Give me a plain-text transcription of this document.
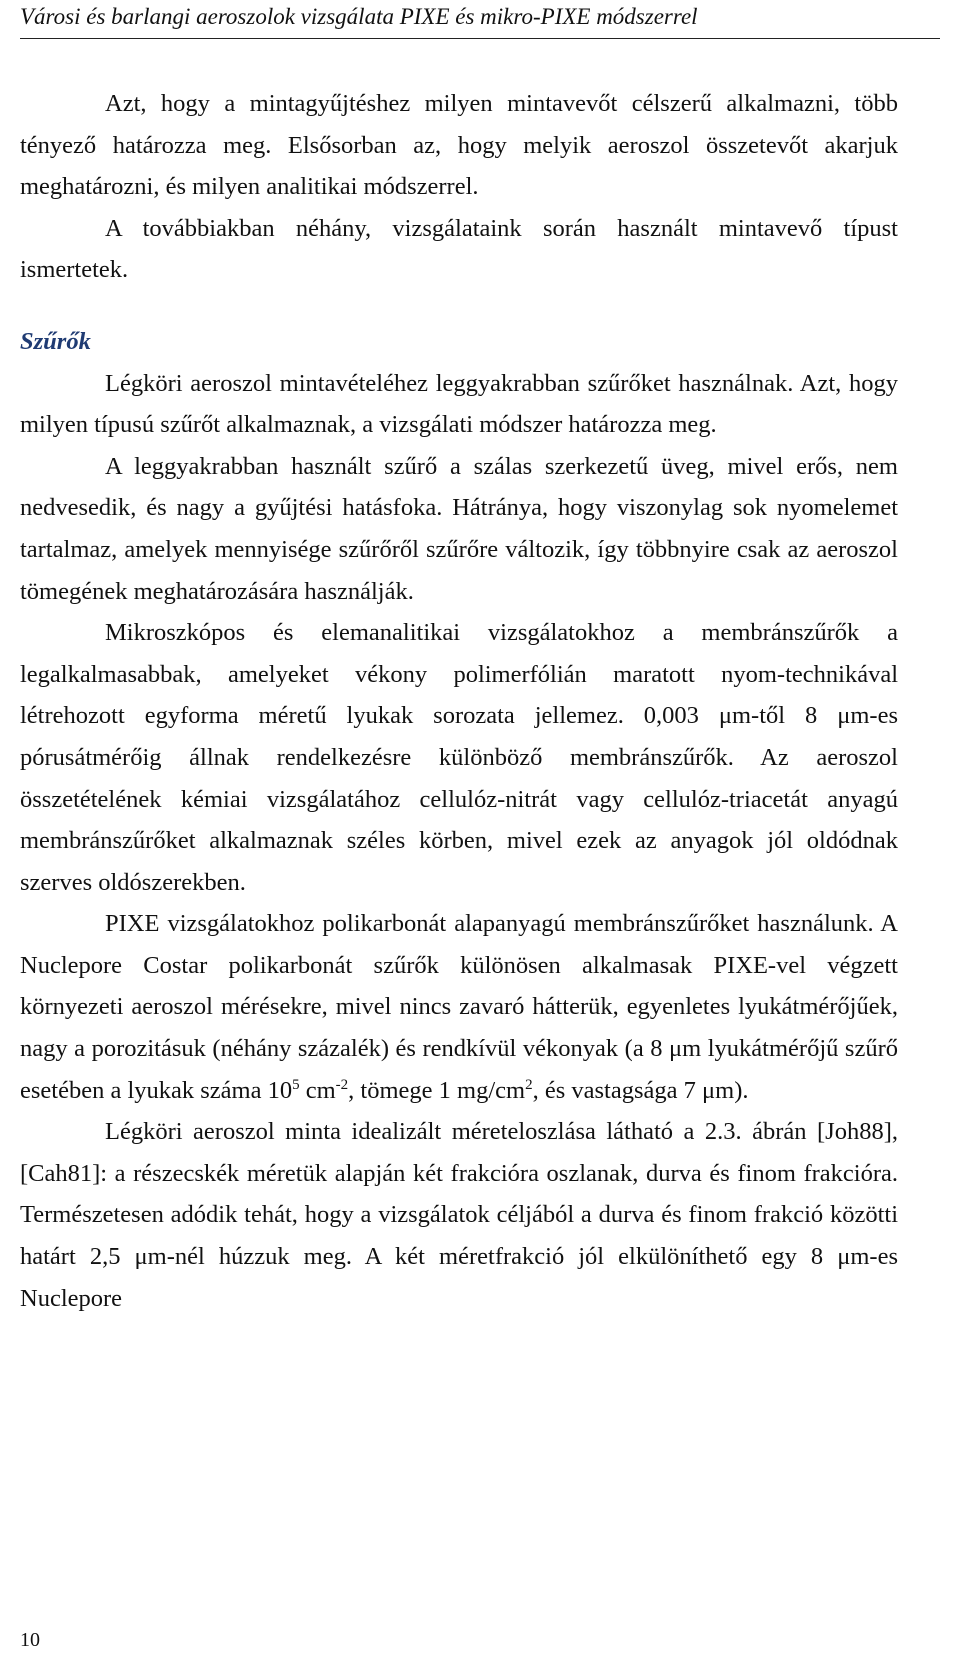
Városi és barlangi aeroszolok vizsgálata PIXE és mikro-PIXE módszerrel

Azt, hogy a mintagyűjtéshez milyen mintavevőt célszerű alkalmazni, több tényező határozza meg. Elsősorban az, hogy melyik aeroszol összetevőt akarjuk meghatározni, és milyen analitikai módszerrel.

A továbbiakban néhány, vizsgálataink során használt mintavevő típust ismertetek.

Szűrők

Légköri aeroszol mintavételéhez leggyakrabban szűrőket használnak. Azt, hogy milyen típusú szűrőt alkalmaznak, a vizsgálati módszer határozza meg.

A leggyakrabban használt szűrő a szálas szerkezetű üveg, mivel erős, nem nedvesedik, és nagy a gyűjtési hatásfoka. Hátránya, hogy viszonylag sok nyomelemet tartalmaz, amelyek mennyisége szűrőről szűrőre változik, így többnyire csak az aeroszol tömegének meghatározására használják.

Mikroszkópos és elemanalitikai vizsgálatokhoz a membránszűrők a legalkalmasabbak, amelyeket vékony polimerfólián maratott nyom-technikával létrehozott egyforma méretű lyukak sorozata jellemez. 0,003 μm-től 8 μm-es pórusátmérőig állnak rendelkezésre különböző membránszűrők. Az aeroszol összetételének kémiai vizsgálatához cellulóz-nitrát vagy cellulóz-triacetát anyagú membránszűrőket alkalmaznak széles körben, mivel ezek az anyagok jól oldódnak szerves oldószerekben.

PIXE vizsgálatokhoz polikarbonát alapanyagú membránszűrőket használunk. A Nuclepore Costar polikarbonát szűrők különösen alkalmasak PIXE-vel végzett környezeti aeroszol mérésekre, mivel nincs zavaró hátterük, egyenletes lyukátmérőjűek, nagy a porozitásuk (néhány százalék) és rendkívül vékonyak (a 8 μm lyukátmérőjű szűrő esetében a lyukak száma $10^5$ $cm^{-2}$, tömege 1 $mg/cm^2$, és vastagsága 7 μm).

Légköri aeroszol minta idealizált méreteloszlása látható a 2.3. ábrán [Joh88], [Cah81]: a részecskék méretük alapján két frakcióra oszlanak, durva és finom frakcióra. Természetesen adódik tehát, hogy a vizsgálatok céljából a durva és finom frakció közötti határt 2,5 μm-nél húzzuk meg. A két méretfrakció jól elkülöníthető egy 8 μm-es Nuclepore

10
